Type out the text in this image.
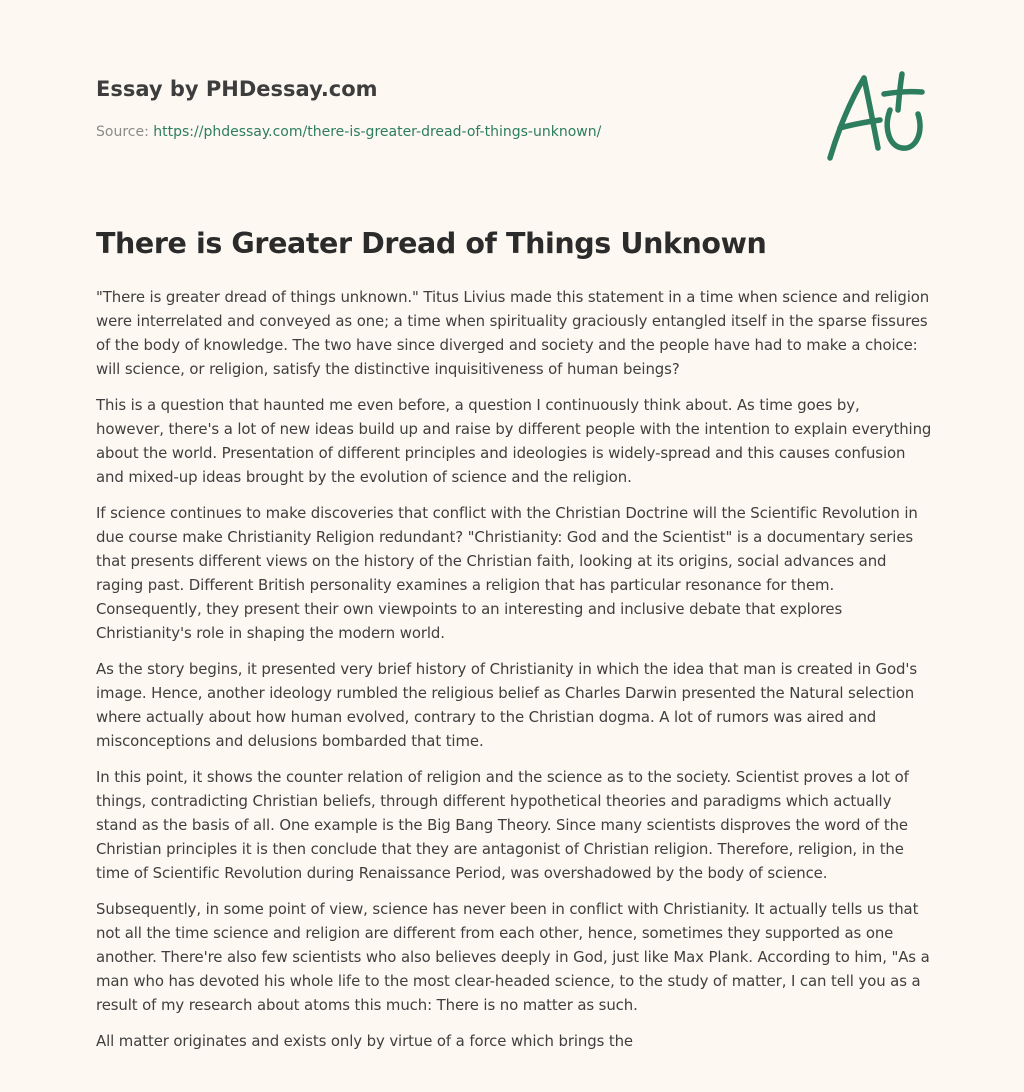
Essay by PHDessay.com
Source: https://phdessay.com/there-is-greater-dread-of-things-unknown/
There is Greater Dread of Things Unknown

"There is greater dread of things unknown." Titus Livius made this statement in a time when science and religion were interrelated and conveyed as one; a time when spirituality graciously entangled itself in the sparse fissures of the body of knowledge. The two have since diverged and society and the people have had to make a choice: will science, or religion, satisfy the distinctive inquisitiveness of human beings?

This is a question that haunted me even before, a question I continuously think about. As time goes by, however, there's a lot of new ideas build up and raise by different people with the intention to explain everything about the world. Presentation of different principles and ideologies is widely-spread and this causes confusion and mixed-up ideas brought by the evolution of science and the religion.

If science continues to make discoveries that conflict with the Christian Doctrine will the Scientific Revolution in due course make Christianity Religion redundant? "Christianity: God and the Scientist" is a documentary series that presents different views on the history of the Christian faith, looking at its origins, social advances and raging past. Different British personality examines a religion that has particular resonance for them. Consequently, they present their own viewpoints to an interesting and inclusive debate that explores Christianity's role in shaping the modern world.

As the story begins, it presented very brief history of Christianity in which the idea that man is created in God's image. Hence, another ideology rumbled the religious belief as Charles Darwin presented the Natural selection where actually about how human evolved, contrary to the Christian dogma. A lot of rumors was aired and misconceptions and delusions bombarded that time.

In this point, it shows the counter relation of religion and the science as to the society. Scientist proves a lot of things, contradicting Christian beliefs, through different hypothetical theories and paradigms which actually stand as the basis of all. One example is the Big Bang Theory. Since many scientists disproves the word of the Christian principles it is then conclude that they are antagonist of Christian religion. Therefore, religion, in the time of Scientific Revolution during Renaissance Period, was overshadowed by the body of science.

Subsequently, in some point of view, science has never been in conflict with Christianity. It actually tells us that not all the time science and religion are different from each other, hence, sometimes they supported as one another. There're also few scientists who also believes deeply in God, just like Max Plank. According to him, "As a man who has devoted his whole life to the most clear-headed science, to the study of matter, I can tell you as a result of my research about atoms this much: There is no matter as such.

All matter originates and exists only by virtue of a force which brings the
